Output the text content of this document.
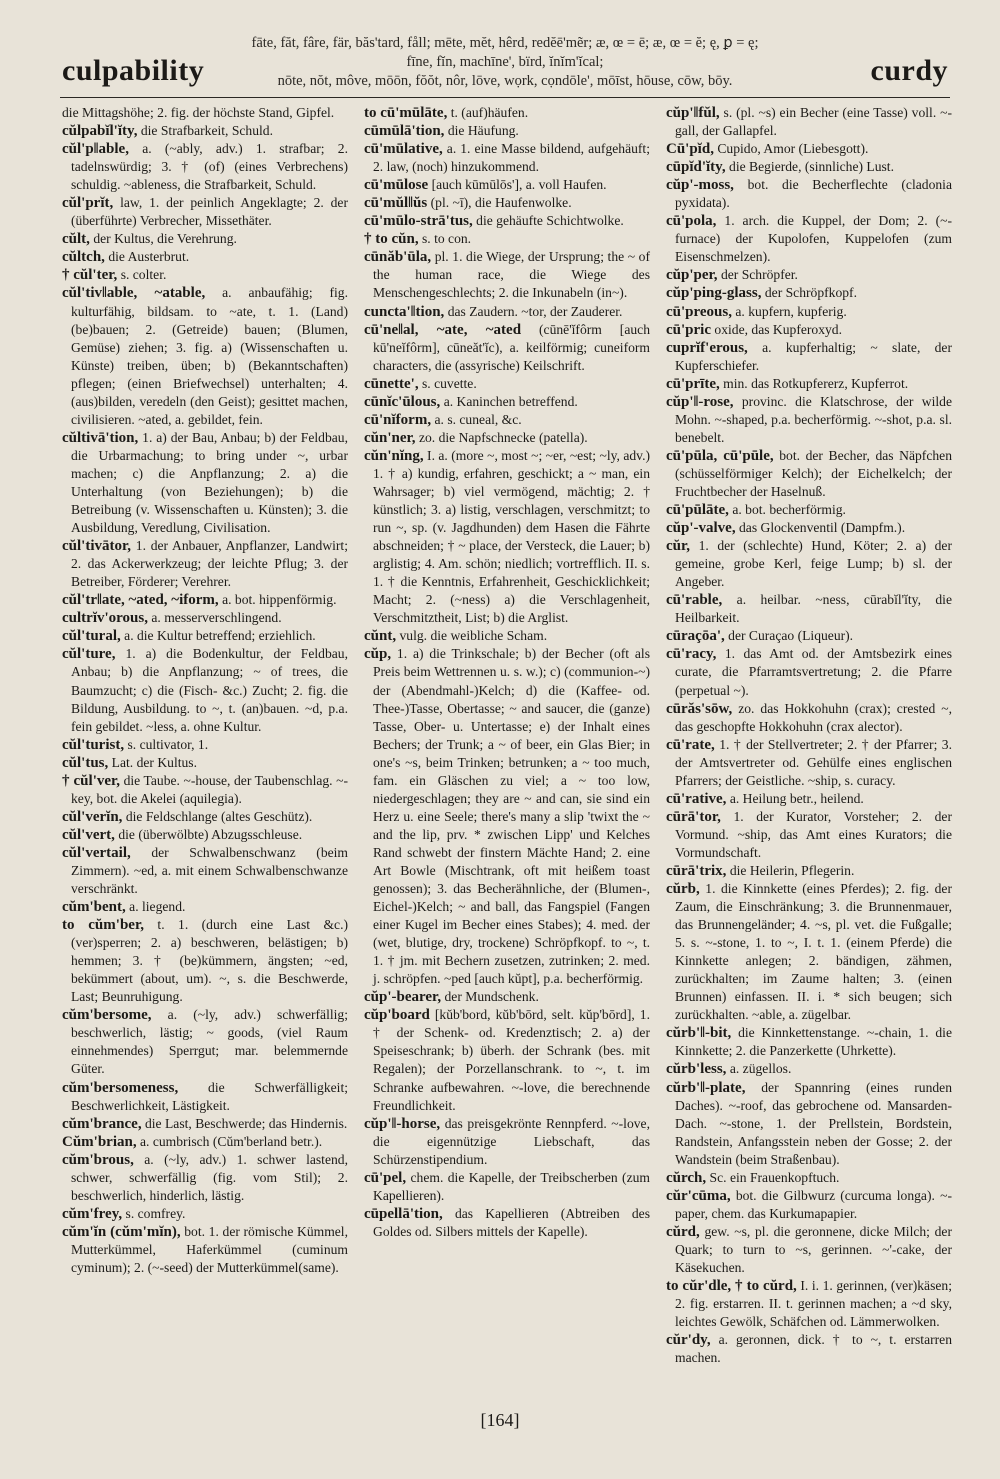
culpability
fāte, făt, fâre, fär, băs'tard, fåll; mēte, mĕt, hêrd, redĕē'mẽr; æ, œ = ē; æ, œ = ĕ; ę, ꝑ = ę;
fīne, fĭn, machīne', bïrd, ĭnĭm'ĭcal;
nōte, nŏt, môve, mōōn, fŏŏt, nôr, lōve, wọrk, cọndōle', mōīst, hōuse, cōw, bōy.	curdy

die Mittagshöhe; 2. fig. der höchste Stand, Gipfel.

cŭlpabĭl'ĭty, die Strafbarkeit, Schuld.

cŭl'p‖able, a. (~ably, adv.) 1. strafbar; 2. tadelnswürdig; 3. † (of) (eines Verbrechens) schuldig. ~ableness, die Strafbarkeit, Schuld.

cŭl'prĭt, law, 1. der peinlich Angeklagte; 2. der (überführte) Verbrecher, Missethäter.

cŭlt, der Kultus, die Verehrung.

cŭltch, die Austerbrut.

† cŭl'ter, s. colter.

cŭl'tiv‖able, ~atable, a. anbaufähig; fig. kulturfähig, bildsam. to ~ate, t. 1. (Land) (be)bauen; 2. (Getreide) bauen; (Blumen, Gemüse) ziehen; 3. fig. a) (Wissenschaften u. Künste) treiben, üben; b) (Bekanntschaften) pflegen; (einen Briefwechsel) unterhalten; 4. (aus)bilden, veredeln (den Geist); gesittet machen, civilisieren. ~ated, a. gebildet, fein.

cŭltivā'tion, 1. a) der Bau, Anbau; b) der Feldbau, die Urbarmachung; to bring under ~, urbar machen; c) die Anpflanzung; 2. a) die Unterhaltung (von Beziehungen); b) die Betreibung (v. Wissenschaften u. Künsten); 3. die Ausbildung, Veredlung, Civilisation.

cŭl'tivātor, 1. der Anbauer, Anpflanzer, Landwirt; 2. das Ackerwerkzeug; der leichte Pflug; 3. der Betreiber, Förderer; Verehrer.

cŭl'tr‖ate, ~ated, ~iform, a. bot. hippenförmig.

cultrĭv'orous, a. messerverschlingend.

cŭl'tural, a. die Kultur betreffend; erziehlich.

cŭl'ture, 1. a) die Bodenkultur, der Feldbau, Anbau; b) die Anpflanzung; ~ of trees, die Baumzucht; c) die (Fisch- &c.) Zucht; 2. fig. die Bildung, Ausbildung. to ~, t. (an)bauen. ~d, p.a. fein gebildet. ~less, a. ohne Kultur.

cŭl'turist, s. cultivator, 1.

cŭl'tus, Lat. der Kultus.

† cŭl'ver, die Taube. ~-house, der Taubenschlag. ~-key, bot. die Akelei (aquilegia).

cŭl'verĭn, die Feldschlange (altes Geschütz).

cŭl'vert, die (überwölbte) Abzugsschleuse.

cŭl'vertail, der Schwalbenschwanz (beim Zimmern). ~ed, a. mit einem Schwalbenschwanze verschränkt.

cŭm'bent, a. liegend.

to cŭm'ber, t. 1. (durch eine Last &c.) (ver)sperren; 2. a) beschweren, belästigen; b) hemmen; 3. † (be)kümmern, ängsten; ~ed, bekümmert (about, um). ~, s. die Beschwerde, Last; Beunruhigung.

cŭm'bersome, a. (~ly, adv.) schwerfällig; beschwerlich, lästig; ~ goods, (viel Raum einnehmendes) Sperrgut; mar. belemmernde Güter.

cŭm'bersomeness, die Schwerfälligkeit; Beschwerlichkeit, Lästigkeit.

cŭm'brance, die Last, Beschwerde; das Hindernis.

Cŭm'brian, a. cumbrisch (Cŭm'berland betr.).

cŭm'brous, a. (~ly, adv.) 1. schwer lastend, schwer, schwerfällig (fig. vom Stil); 2. beschwerlich, hinderlich, lästig.

cŭm'frey, s. comfrey.

cŭm'ĭn (cŭm'mĭn), bot. 1. der römische Kümmel, Mutterkümmel, Haferkümmel (cuminum cyminum); 2. (~-seed) der Mutterkümmel(same).

to cū'mūlāte, t. (auf)häufen.

cūmūlā'tion, die Häufung.

cū'mūlative, a. 1. eine Masse bildend, aufgehäuft; 2. law, (noch) hinzukommend.

cū'mūlose [auch kūmūlōs'], a. voll Haufen.

cū'mŭl‖ŭs (pl. ~ī), die Haufenwolke.

cū'mūlo-strā'tus, die gehäufte Schichtwolke.

† to cŭn, s. to con.

cūnăb'ūla, pl. 1. die Wiege, der Ursprung; the ~ of the human race, die Wiege des Menschengeschlechts; 2. die Inkunabeln (in~).

cuncta'‖tion, das Zaudern. ~tor, der Zauderer.

cū'ne‖al, ~ate, ~ated (cūnē'ĭfôrm [auch kū'neĭfôrm], cūneăt'ĭc), a. keilförmig; cuneiform characters, die (assyrische) Keilschrift.

cūnette', s. cuvette.

cūnĭc'ūlous, a. Kaninchen betreffend.

cū'nĭform, a. s. cuneal, &c.

cŭn'ner, zo. die Napfschnecke (patella).

cŭn'nĭng, I. a. (more ~, most ~; ~er, ~est; ~ly, adv.) 1. † a) kundig, erfahren, geschickt; a ~ man, ein Wahrsager; b) viel vermögend, mächtig; 2. † künstlich; 3. a) listig, verschlagen, verschmitzt; to run ~, sp. (v. Jagdhunden) dem Hasen die Fährte abschneiden; † ~ place, der Versteck, die Lauer; b) arglistig; 4. Am. schön; niedlich; vortrefflich. II. s. 1. † die Kenntnis, Erfahrenheit, Geschicklichkeit; Macht; 2. (~ness) a) die Verschlagenheit, Verschmitztheit, List; b) die Arglist.

cŭnt, vulg. die weibliche Scham.

cŭp, 1. a) die Trinkschale; b) der Becher (oft als Preis beim Wettrennen u. s. w.); c) (communion-~) der (Abendmahl-)Kelch; d) die (Kaffee- od. Thee-)Tasse, Obertasse; ~ and saucer, die (ganze) Tasse, Ober- u. Untertasse; e) der Inhalt eines Bechers; der Trunk; a ~ of beer, ein Glas Bier; in one's ~s, beim Trinken; betrunken; a ~ too much, fam. ein Gläschen zu viel; a ~ too low, niedergeschlagen; they are ~ and can, sie sind ein Herz u. eine Seele; there's many a slip 'twixt the ~ and the lip, prv. * zwischen Lipp' und Kelches Rand schwebt der finstern Mächte Hand; 2. eine Art Bowle (Mischtrank, oft mit heißem toast genossen); 3. das Becherähnliche, der (Blumen-, Eichel-)Kelch; ~ and ball, das Fangspiel (Fangen einer Kugel im Becher eines Stabes); 4. med. der (wet, blutige, dry, trockene) Schröpfkopf. to ~, t. 1. † jm. mit Bechern zusetzen, zutrinken; 2. med. j. schröpfen. ~ped [auch kŭpt], p.a. becherförmig.

cŭp'-bearer, der Mundschenk.

cŭp'board [kŭb'bord, kŭb'bōrd, selt. kŭp'bōrd], 1. † der Schenk- od. Kredenztisch; 2. a) der Speiseschrank; b) überh. der Schrank (bes. mit Regalen); der Porzellanschrank. to ~, t. im Schranke aufbewahren. ~-love, die berechnende Freundlichkeit.

cŭp'‖-horse, das preisgekrönte Rennpferd. ~-love, die eigennützige Liebschaft, das Schürzenstipendium.

cū'pel, chem. die Kapelle, der Treibscherben (zum Kapellieren).

cūpellā'tion, das Kapellieren (Abtreiben des Goldes od. Silbers mittels der Kapelle).

cŭp'‖fŭl, s. (pl. ~s) ein Becher (eine Tasse) voll. ~-gall, der Gallapfel.

Cū'pĭd, Cupido, Amor (Liebesgott).

cūpĭd'ĭty, die Begierde, (sinnliche) Lust.

cŭp'-moss, bot. die Becherflechte (cladonia pyxidata).

cū'pola, 1. arch. die Kuppel, der Dom; 2. (~-furnace) der Kupolofen, Kuppelofen (zum Eisenschmelzen).

cŭp'per, der Schröpfer.

cŭp'ping-glass, der Schröpfkopf.

cū'preous, a. kupfern, kupferig.

cū'pric oxide, das Kupferoxyd.

cuprĭf'erous, a. kupferhaltig; ~ slate, der Kupferschiefer.

cū'prīte, min. das Rotkupfererz, Kupferrot.

cŭp'‖-rose, provinc. die Klatschrose, der wilde Mohn. ~-shaped, p.a. becherförmig. ~-shot, p.a. sl. benebelt.

cū'pūla, cū'pūle, bot. der Becher, das Näpfchen (schüsselförmiger Kelch); der Eichelkelch; der Fruchtbecher der Haselnuß.

cū'pūlāte, a. bot. becherförmig.

cŭp'-valve, das Glockenventil (Dampfm.).

cŭr, 1. der (schlechte) Hund, Köter; 2. a) der gemeine, grobe Kerl, feige Lump; b) sl. der Angeber.

cū'rable, a. heilbar. ~ness, cūrabĭl'ĭty, die Heilbarkeit.

cūraçōa', der Curaçao (Liqueur).

cū'racy, 1. das Amt od. der Amtsbezirk eines curate, die Pfarramtsvertretung; 2. die Pfarre (perpetual ~).

cūrăs'sōw, zo. das Hokkohuhn (crax); crested ~, das geschopfte Hokkohuhn (crax alector).

cū'rate, 1. † der Stellvertreter; 2. † der Pfarrer; 3. der Amtsvertreter od. Gehülfe eines englischen Pfarrers; der Geistliche. ~ship, s. curacy.

cū'rative, a. Heilung betr., heilend.

cūrā'tor, 1. der Kurator, Vorsteher; 2. der Vormund. ~ship, das Amt eines Kurators; die Vormundschaft.

cūrā'trix, die Heilerin, Pflegerin.

cŭrb, 1. die Kinnkette (eines Pferdes); 2. fig. der Zaum, die Einschränkung; 3. die Brunnenmauer, das Brunnengeländer; 4. ~s, pl. vet. die Fußgalle; 5. s. ~-stone, 1. to ~, I. t. 1. (einem Pferde) die Kinnkette anlegen; 2. bändigen, zähmen, zurückhalten; im Zaume halten; 3. (einen Brunnen) einfassen. II. i. * sich beugen; sich zurückhalten. ~able, a. zügelbar.

cŭrb'‖-bit, die Kinnkettenstange. ~-chain, 1. die Kinnkette; 2. die Panzerkette (Uhrkette).

cŭrb'less, a. zügellos.

cŭrb'‖-plate, der Spannring (eines runden Daches). ~-roof, das gebrochene od. Mansarden-Dach. ~-stone, 1. der Prellstein, Bordstein, Randstein, Anfangsstein neben der Gosse; 2. der Wandstein (beim Straßenbau).

cŭrch, Sc. ein Frauenkopftuch.

cŭr'cūma, bot. die Gilbwurz (curcuma longa). ~-paper, chem. das Kurkumapapier.

cŭrd, gew. ~s, pl. die geronnene, dicke Milch; der Quark; to turn to ~s, gerinnen. ~'-cake, der Käsekuchen.

to cŭr'dle, † to cŭrd, I. i. 1. gerinnen, (ver)käsen; 2. fig. erstarren. II. t. gerinnen machen; a ~d sky, leichtes Gewölk, Schäfchen od. Lämmerwolken.

cŭr'dy, a. geronnen, dick. † to ~, t. erstarren machen.

[164]
